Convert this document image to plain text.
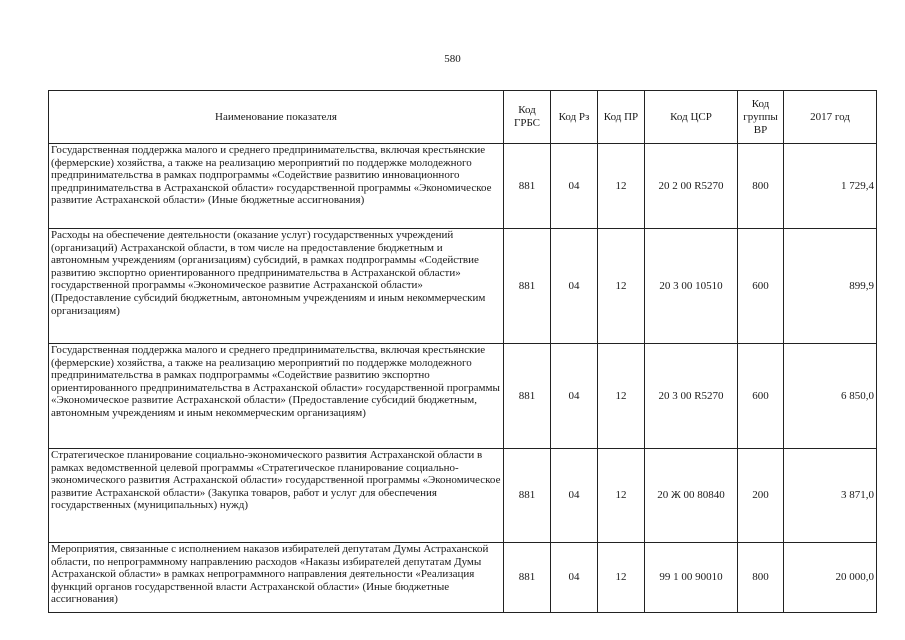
580
Наименование показателя	Код ГРБС	Код Рз	Код ПР	Код ЦСР	Код группы ВР	2017 год
Государственная поддержка малого и среднего предпринимательства, включая крестьянские (фермерские) хозяйства, а также на реализацию мероприятий по поддержке молодежного предпринимательства в рамках подпрограммы «Содействие развитию инновационного предпринимательства в Астраханской области» государственной программы «Экономическое развитие Астраханской области» (Иные бюджетные ассигнования)	881	04	12	20 2 00 R5270	800	1 729,4
Расходы на обеспечение деятельности (оказание услуг) государственных учреждений (организаций) Астраханской области, в том числе на предоставление бюджетным и автономным учреждениям (организациям) субсидий, в рамках подпрограммы «Содействие развитию экспортно ориентированного предпринимательства в Астраханской области» государственной программы «Экономическое развитие Астраханской области» (Предоставление субсидий бюджетным, автономным учреждениям и иным некоммерческим организациям)	881	04	12	20 3 00 10510	600	899,9
Государственная поддержка малого и среднего предпринимательства, включая крестьянские (фермерские) хозяйства, а также на реализацию мероприятий по поддержке молодежного предпринимательства в рамках подпрограммы «Содействие развитию экспортно ориентированного предпринимательства в Астраханской области» государственной программы «Экономическое развитие Астраханской области» (Предоставление субсидий бюджетным, автономным учреждениям и иным некоммерческим организациям)	881	04	12	20 3 00 R5270	600	6 850,0
Стратегическое планирование социально-экономического развития Астраханской области в рамках ведомственной целевой программы «Стратегическое планирование социально-экономического развития Астраханской области» государственной программы «Экономическое развитие Астраханской области» (Закупка товаров, работ и услуг для обеспечения государственных (муниципальных) нужд)	881	04	12	20 Ж 00 80840	200	3 871,0
Мероприятия, связанные с исполнением наказов избирателей депутатам Думы Астраханской области, по непрограммному направлению расходов «Наказы избирателей депутатам Думы Астраханской области» в рамках непрограммного направления деятельности «Реализация функций органов государственной власти Астраханской области» (Иные бюджетные ассигнования)	881	04	12	99 1 00 90010	800	20 000,0
